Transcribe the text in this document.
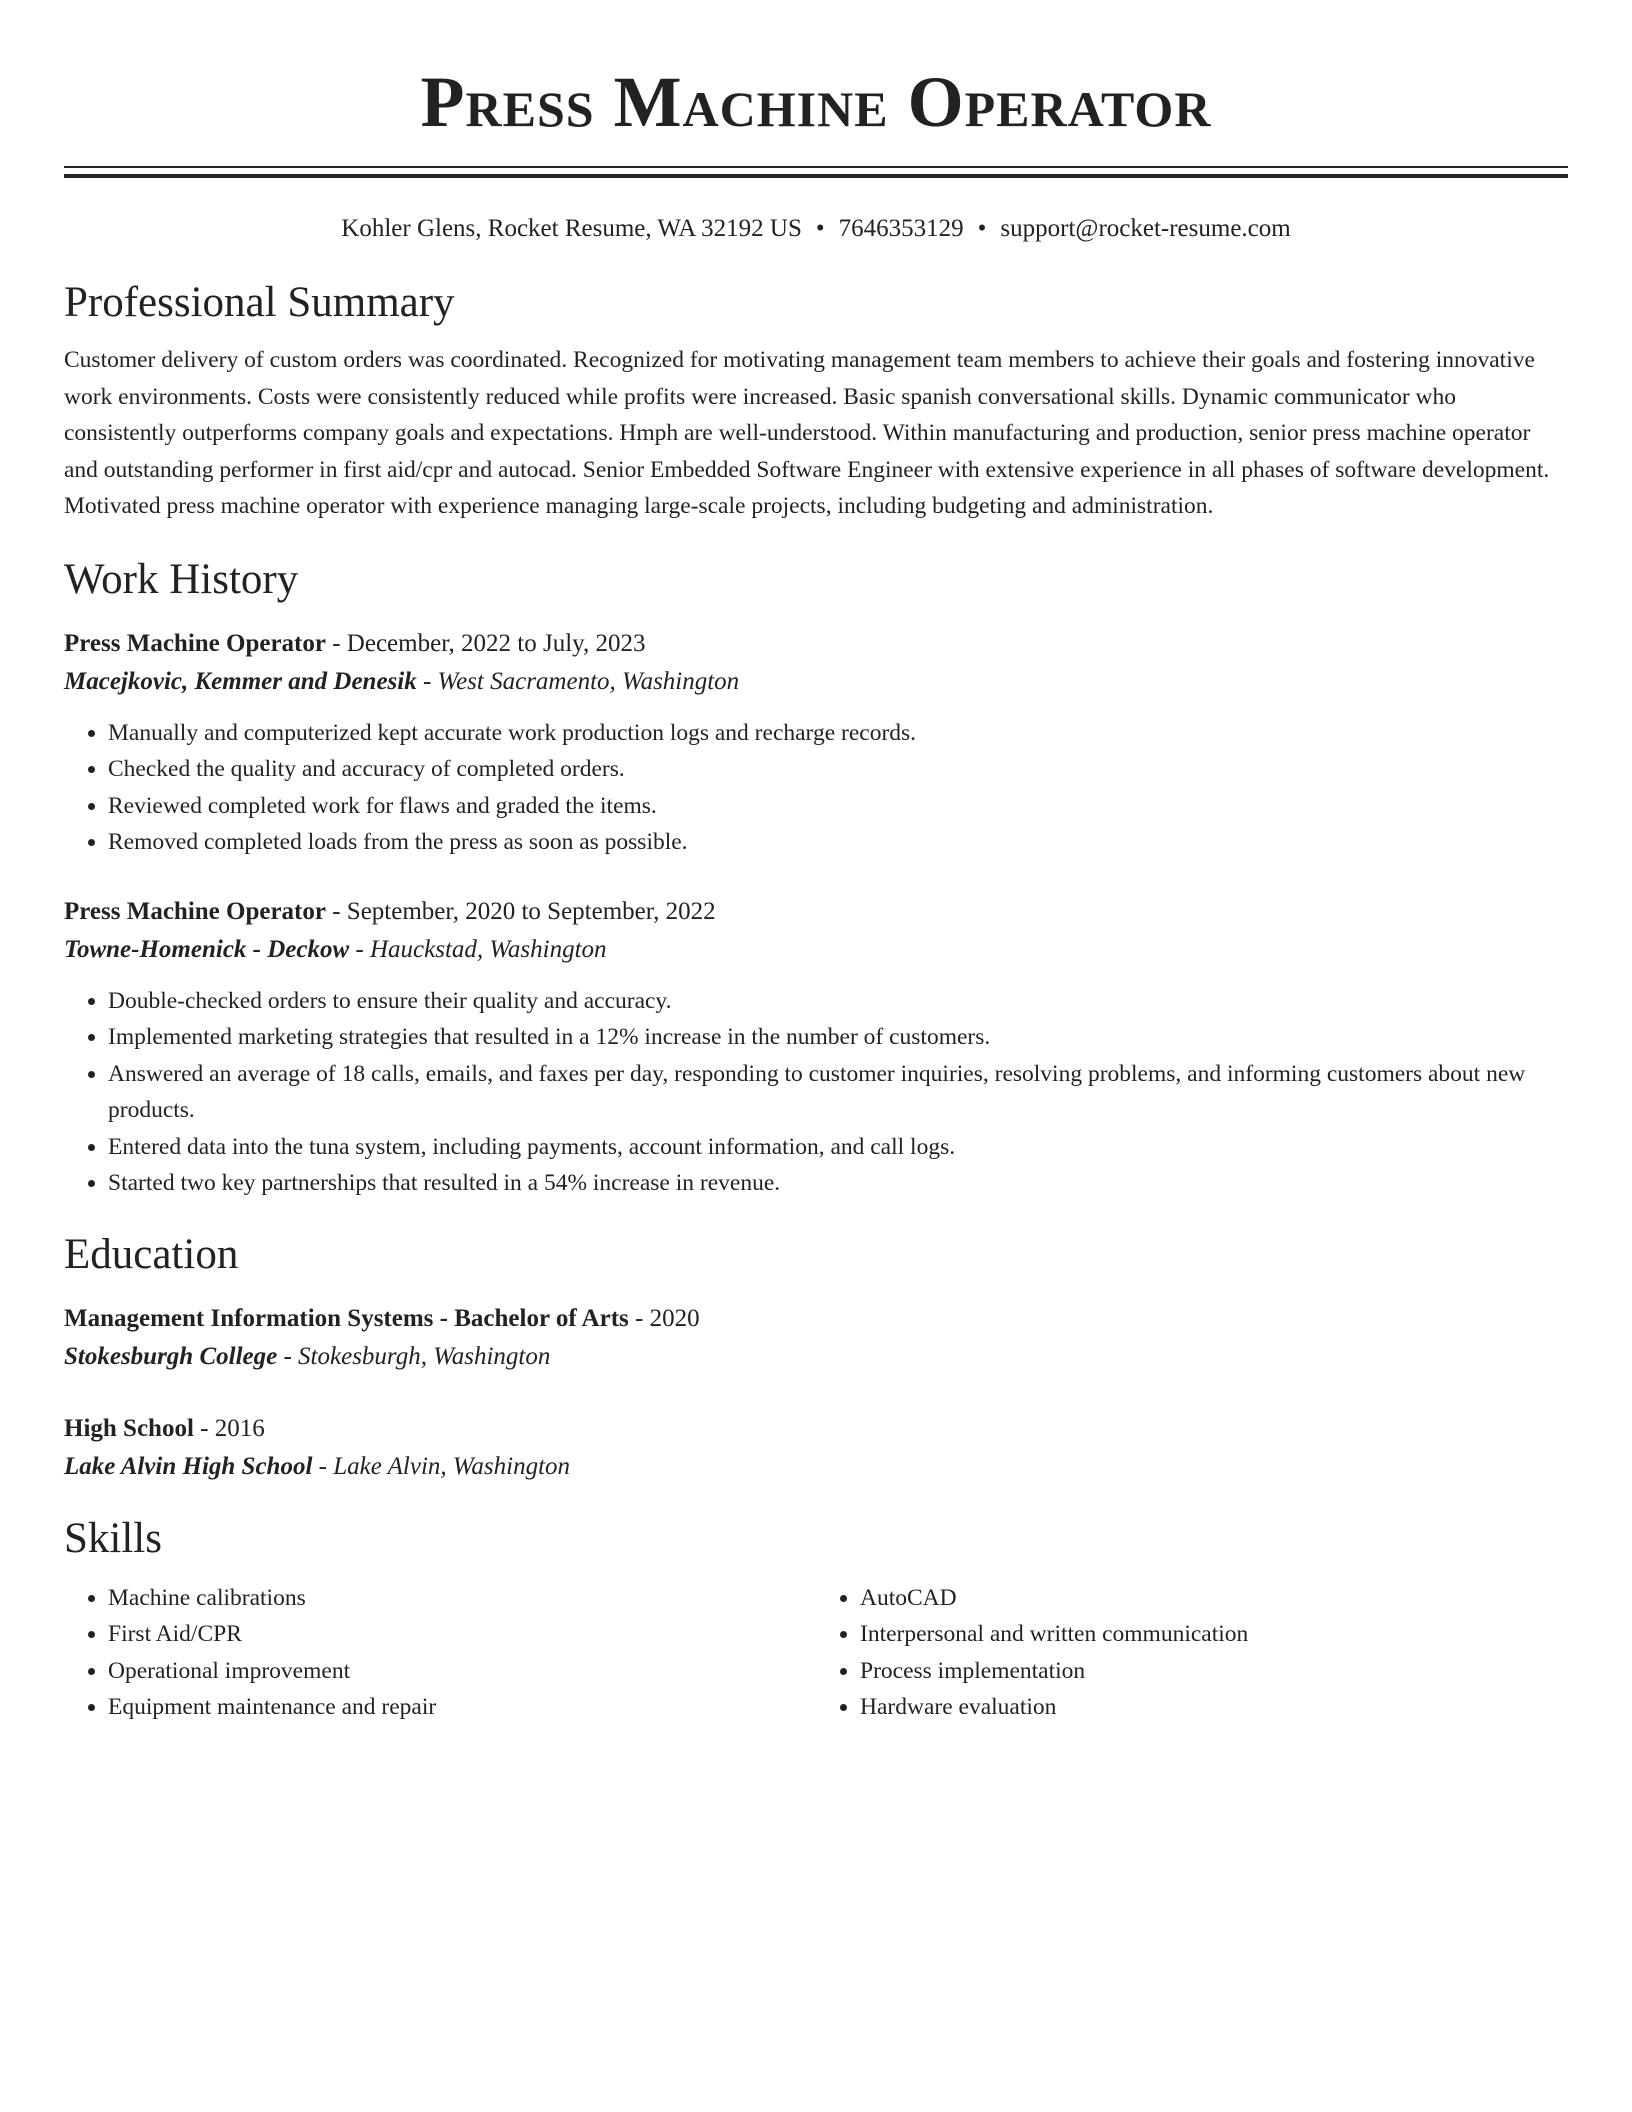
Press Machine Operator
Kohler Glens, Rocket Resume, WA 32192 US • 7646353129 • support@rocket-resume.com
Professional Summary

Customer delivery of custom orders was coordinated. Recognized for motivating management team members to achieve their goals and fostering innovative work environments. Costs were consistently reduced while profits were increased. Basic spanish conversational skills. Dynamic communicator who consistently outperforms company goals and expectations. Hmph are well-understood. Within manufacturing and production, senior press machine operator and outstanding performer in first aid/cpr and autocad. Senior Embedded Software Engineer with extensive experience in all phases of software development. Motivated press machine operator with experience managing large-scale projects, including budgeting and administration.

Work History
Press Machine Operator - December, 2022 to July, 2023
Macejkovic, Kemmer and Denesik - West Sacramento, Washington
• Manually and computerized kept accurate work production logs and recharge records.
• Checked the quality and accuracy of completed orders.
• Reviewed completed work for flaws and graded the items.
• Removed completed loads from the press as soon as possible.
Press Machine Operator - September, 2020 to September, 2022
Towne-Homenick - Deckow - Hauckstad, Washington
• Double-checked orders to ensure their quality and accuracy.
• Implemented marketing strategies that resulted in a 12% increase in the number of customers.
• Answered an average of 18 calls, emails, and faxes per day, responding to customer inquiries, resolving problems, and informing customers about new products.
• Entered data into the tuna system, including payments, account information, and call logs.
• Started two key partnerships that resulted in a 54% increase in revenue.
Education
Management Information Systems - Bachelor of Arts - 2020
Stokesburgh College - Stokesburgh, Washington
High School - 2016
Lake Alvin High School - Lake Alvin, Washington
Skills
• Machine calibrations
• First Aid/CPR
• Operational improvement
• Equipment maintenance and repair
• AutoCAD
• Interpersonal and written communication
• Process implementation
• Hardware evaluation
